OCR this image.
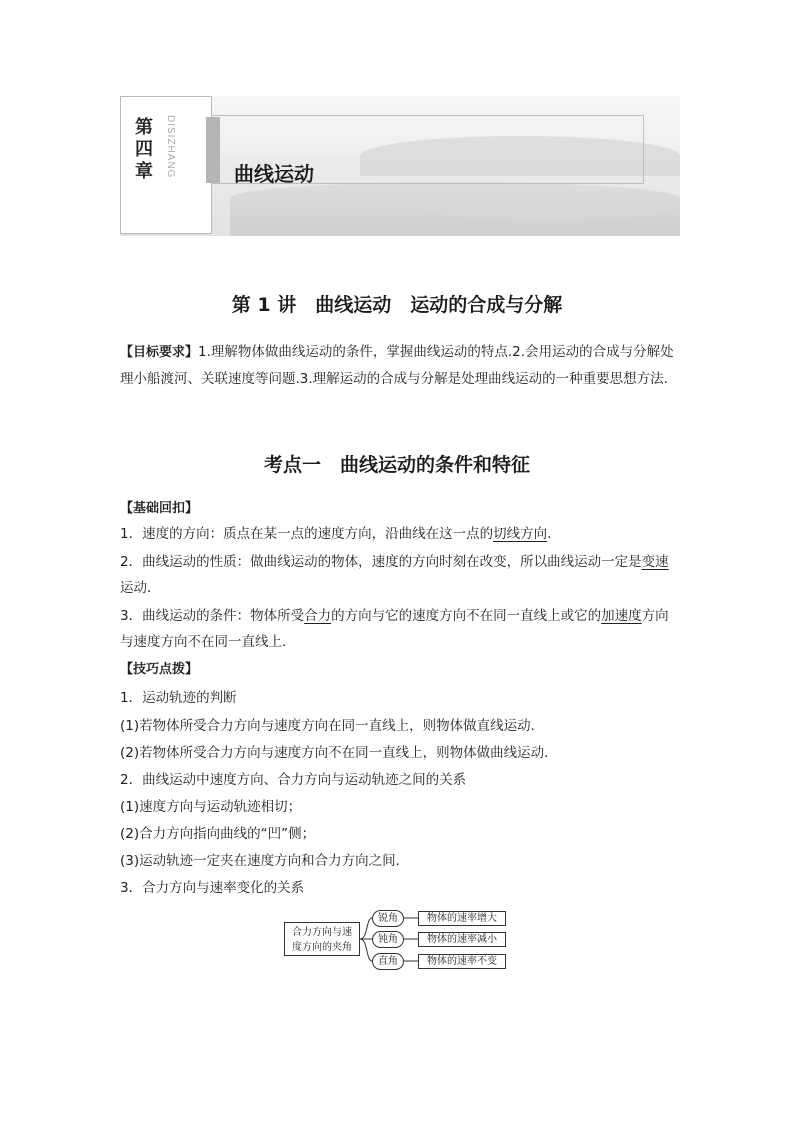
第四章 DISIZHANG	曲线运动
第 1 讲　曲线运动　运动的合成与分解
【目标要求】1.理解物体做曲线运动的条件，掌握曲线运动的特点.2.会用运动的合成与分解处理小船渡河、关联速度等问题.3.理解运动的合成与分解是处理曲线运动的一种重要思想方法．
考点一　曲线运动的条件和特征
【基础回扣】
1．速度的方向：质点在某一点的速度方向，沿曲线在这一点的切线方向．
2．曲线运动的性质：做曲线运动的物体，速度的方向时刻在改变，所以曲线运动一定是变速运动．
3．曲线运动的条件：物体所受合力的方向与它的速度方向不在同一直线上或它的加速度方向与速度方向不在同一直线上．
【技巧点拨】
1．运动轨迹的判断
(1)若物体所受合力方向与速度方向在同一直线上，则物体做直线运动．
(2)若物体所受合力方向与速度方向不在同一直线上，则物体做曲线运动．
2．曲线运动中速度方向、合力方向与运动轨迹之间的关系
(1)速度方向与运动轨迹相切；
(2)合力方向指向曲线的“凹”侧；
(3)运动轨迹一定夹在速度方向和合力方向之间．
3．合力方向与速率变化的关系
合力方向与速
度方向的夹角
锐角	物体的速率增大
钝角	物体的速率减小
直角	物体的速率不变
